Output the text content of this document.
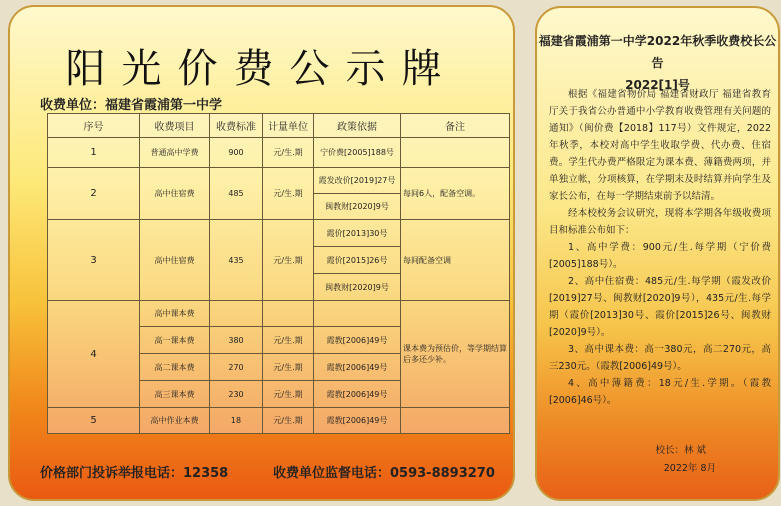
阳光价费公示牌
收费单位：福建省霞浦第一中学
序号	收费项目	收费标准	计量单位	政策依据	备注
1	普通高中学费	900	元/生.期	宁价费[2005]188号	
2	高中住宿费	485	元/生.期	霞发改价[2019]27号	每间6人，配备空调。
				闽教财[2020]9号	
3	高中住宿费	435	元/生.期	霞价[2013]30号	每间配备空调
				霞价[2015]26号	
				闽教财[2020]9号	
4	高中课本费				课本费为预估价，等学期结算后多还少补。
	高一课本费	380	元/生.期	霞教[2006]49号	
	高二课本费	270	元/生.期	霞教[2006]49号	
	高三课本费	230	元/生.期	霞教[2006]49号	
5	高中作业本费	18	元/生.期	霞教[2006]49号	
价格部门投诉举报电话：12358	收费单位监督电话：0593-8893270
福建省霞浦第一中学2022年秋季收费校长公告
2022[1]号

根据《福建省物价局 福建省财政厅 福建省教育厅关于我省公办普通中小学教育收费管理有关问题的通知》（闽价费【2018】117号）文件规定，2022年秋季，本校对高中学生收取学费、代办费、住宿费。学生代办费严格限定为课本费、薄籍费两项，并单独立帐，分项核算，在学期末及时结算并向学生及家长公布，在每一学期结束前予以结清。

经本校校务会议研究，现将本学期各年级收费项目和标准公布如下：

1、高中学费：900元/生.每学期（宁价费[2005]188号）。

2、高中住宿费：485元/生.每学期（霞发改价[2019]27号、闽教财[2020]9号），435元/生.每学期（霞价[2013]30号、霞价[2015]26号、闽教财[2020]9号）。

3、高中课本费：高一380元，高二270元，高三230元。（霞教[2006]49号）。

4、高中薄籍费：18元/生.学期。（霞教[2006]46号）。

校长：林 斌
2022年 8月
